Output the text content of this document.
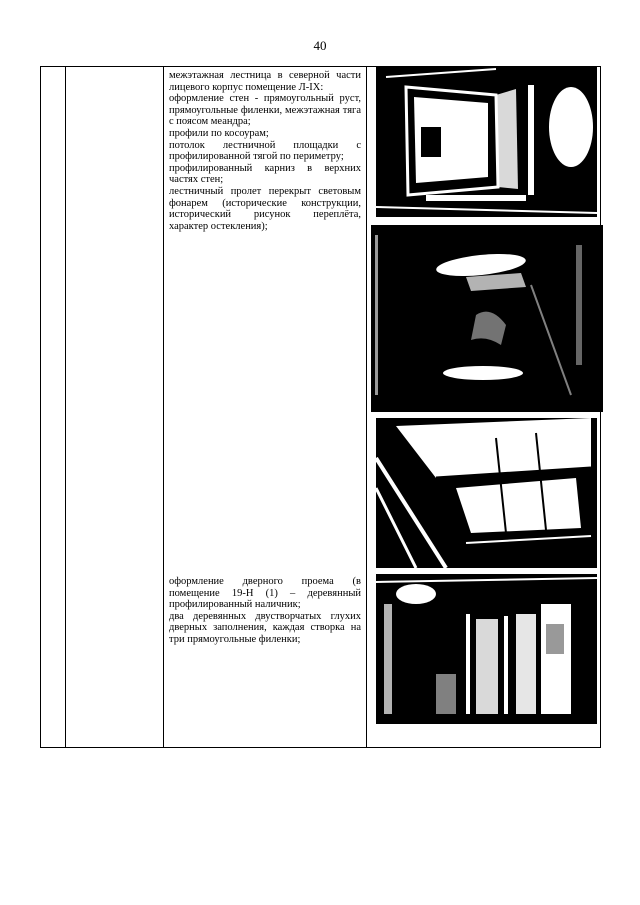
40

межэтажная лестница в северной части лицевого корпус помещение Л-IX:

оформление стен - прямоугольный руст, прямоугольные филенки, межэтажная тяга с поясом меандра;

профили по косоурам;

потолок лестничной площадки с профилированной тягой по периметру;

профилированный карниз в верхних частях стен;

лестничный пролет перекрыт световым фонарем (исторические конструкции, исторический рисунок переплёта, характер остекления);

оформление дверного проема (в помещение 19-Н (1) – деревянный профилированный наличник;

два деревянных двустворчатых глухих дверных заполнения, каждая створка на три прямоугольные филенки;
